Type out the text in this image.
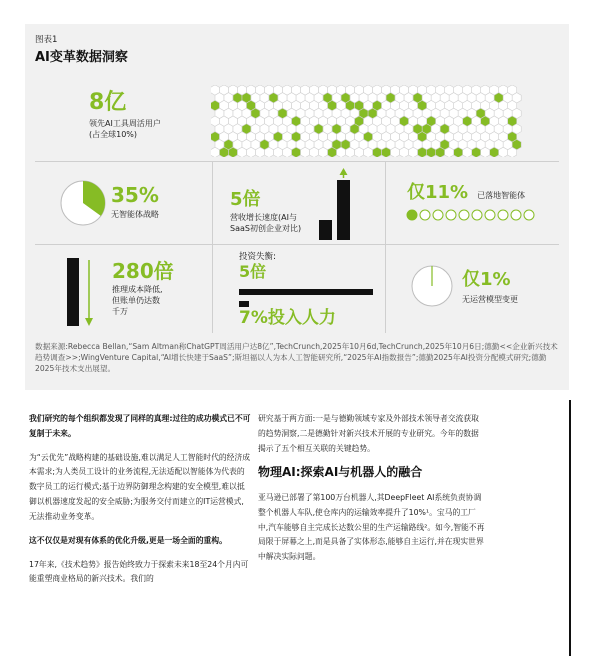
图表1
AI变革数据洞察
8亿
领先AI工具周活用户
(占全球10%)
35%
无智能体战略
5倍
营收增长速度(AI与
SaaS初创企业对比)
仅11% 已落地智能体
280倍
推理成本降低,
但账单仍达数
千万
投资失衡:
5倍
7%投入人力
仅1%
无运营模型变更
数据来源:Rebecca Bellan,“Sam Altman称ChatGPT周活用户达8亿”,TechCrunch,2025年10月6d,TechCrunch,2025年10月6日;德勤<<企业新兴技术趋势调查>>;WingVenture Capital,“AI增长快建于SaaS”;斯坦福以人为本人工智能研究所,“2025年AI指数报告”;德勤2025年AI投资分配模式研究;德勤2025年技术支出展望。

我们研究的每个组织都发现了同样的真理:过往的成功模式已不可复制于未来。

为“云优先”战略构建的基础设施,难以满足人工智能时代的经济成本需求;为人类员工设计的业务流程,无法适配以智能体为代表的数字员工的运行模式;基于边界防御理念构建的安全模型,难以抵御以机器速度发起的安全威胁;为服务交付而建立的IT运营模式,无法推动业务变革。

这不仅仅是对现有体系的优化升级,更是一场全面的重构。

17年来,《技术趋势》报告始终致力于探索未来18至24个月内可能重塑商业格局的新兴技术。我们的

研究基于两方面:一是与德勤领域专家及外部技术领导者交流获取的趋势洞察,二是德勤针对新兴技术开展的专业研究。今年的数据揭示了五个相互关联的关键趋势。

物理AI:探索AI与机器人的融合

亚马逊已部署了第100万台机器人,其DeepFleet AI系统负责协调整个机器人车队,使仓库内的运输效率提升了10%¹。宝马的工厂中,汽车能够自主完成长达数公里的生产运输路线²。如今,智能不再局限于屏幕之上,而是具备了实体形态,能够自主运行,并在现实世界中解决实际问题。
